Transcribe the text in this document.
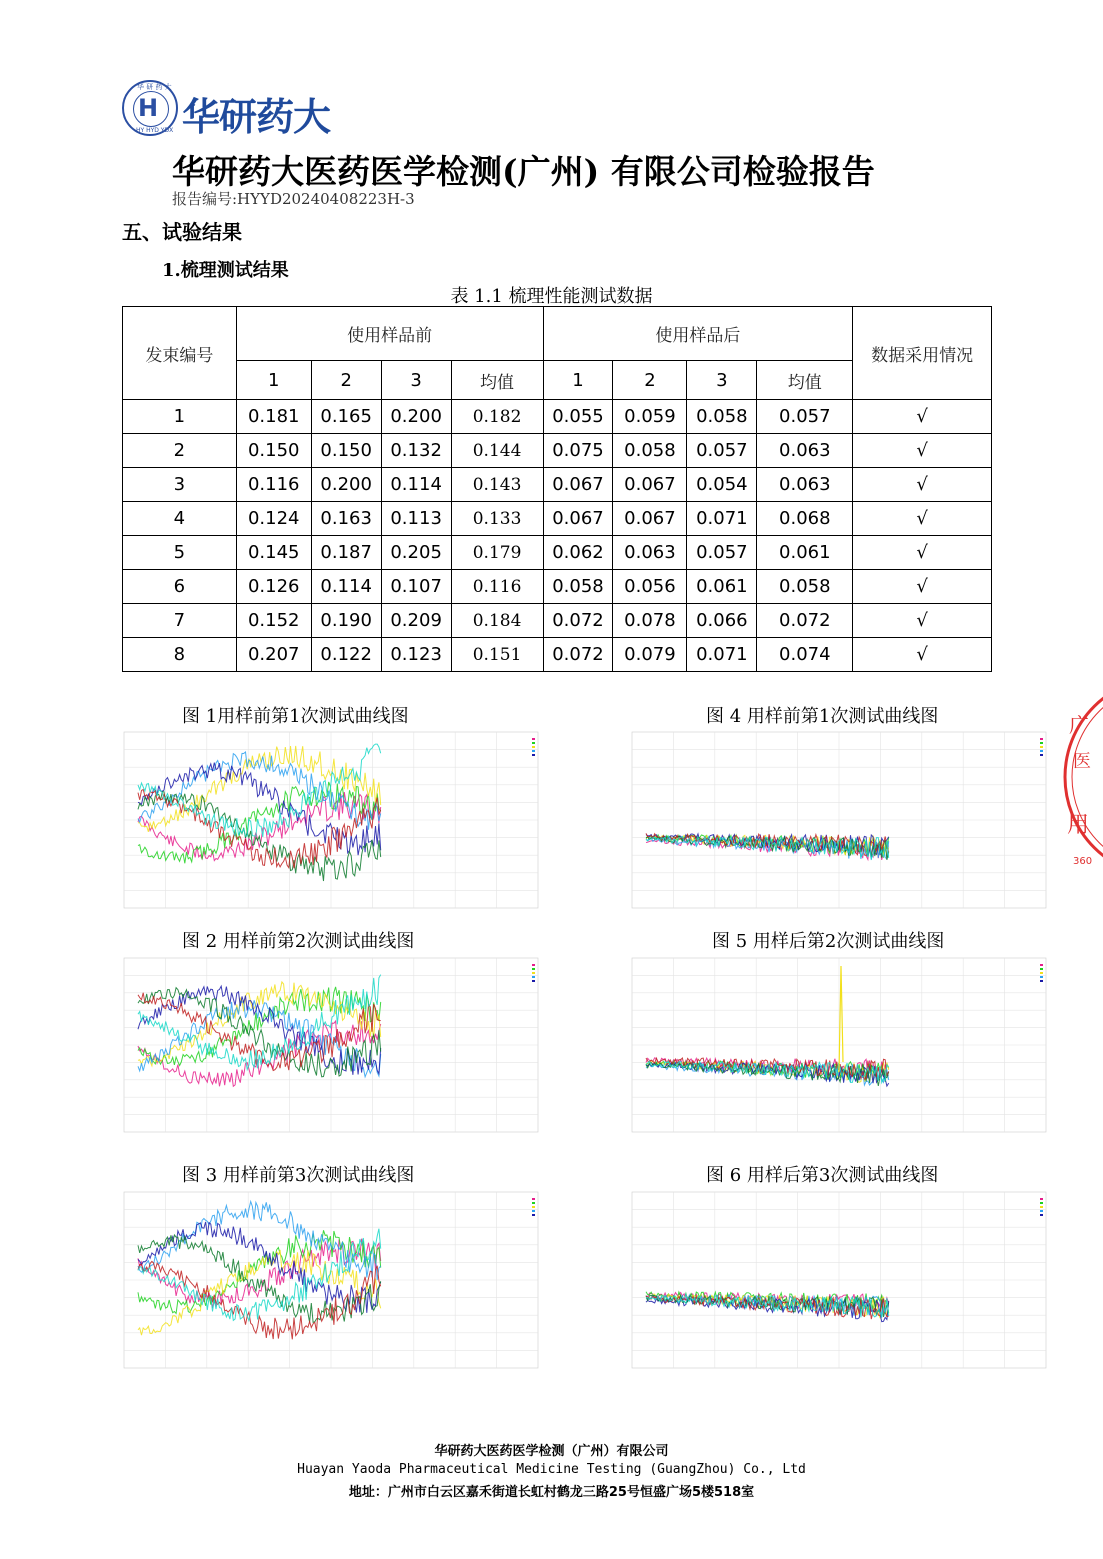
华 研 药 大
H
HY HYD YDX 华研药大
华研药大医药医学检测(广州) 有限公司检验报告
报告编号:HYYD20240408223H-3
五、试验结果
1.梳理测试结果
表 1.1 梳理性能测试数据
发束编号	使用样品前				使用样品后				数据采用情况
	1	2	3	均值	1	2	3	均值	
1	0.181	0.165	0.200	0.182	0.055	0.059	0.058	0.057	√
2	0.150	0.150	0.132	0.144	0.075	0.058	0.057	0.063	√
3	0.116	0.200	0.114	0.143	0.067	0.067	0.054	0.063	√
4	0.124	0.163	0.113	0.133	0.067	0.067	0.071	0.068	√
5	0.145	0.187	0.205	0.179	0.062	0.063	0.057	0.061	√
6	0.126	0.114	0.107	0.116	0.058	0.056	0.061	0.058	√
7	0.152	0.190	0.209	0.184	0.072	0.078	0.066	0.072	√
8	0.207	0.122	0.123	0.151	0.072	0.079	0.071	0.074	√
图 1用样前第1次测试曲线图	图 4 用样前第1次测试曲线图
图 2 用样前第2次测试曲线图	图 5 用样后第2次测试曲线图
图 3 用样前第3次测试曲线图	图 6 用样后第3次测试曲线图
广
医
用
360
华研药大医药医学检测（广州）有限公司
Huayan Yaoda Pharmaceutical Medicine Testing (GuangZhou) Co., Ltd
地址：广州市白云区嘉禾街道长虹村鹤龙三路25号恒盛广场5楼518室
